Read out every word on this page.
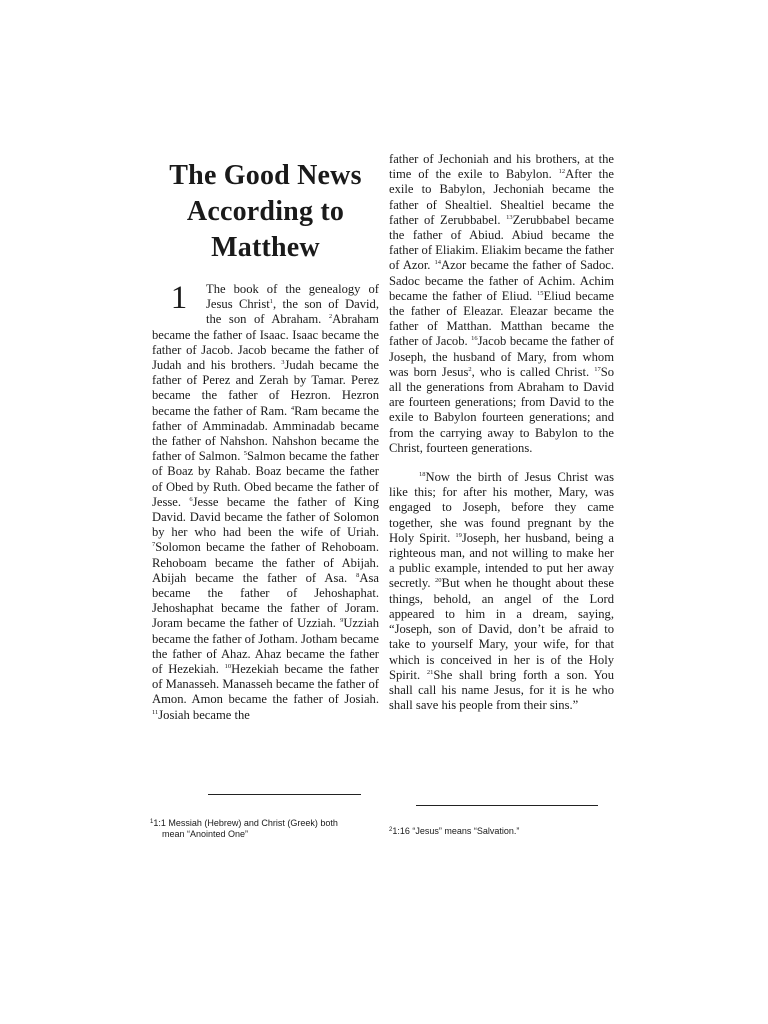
The Good News
According to
Matthew
1	The book of the genealogy of Jesus Christ$^1$, the son of David, the son of Abraham. $^2$Abraham became the father of Isaac. Isaac became the father of Jacob. Jacob became the father of Judah and his brothers. $^3$Judah became the father of Perez and Zerah by Tamar. Perez became the father of Hezron. Hezron became the father of Ram. $^4$Ram became the father of Amminadab. Amminadab became the father of Nahshon. Nahshon became the father of Salmon. $^5$Salmon became the father of Boaz by Rahab. Boaz became the father of Obed by Ruth. Obed became the father of Jesse. $^6$Jesse became the father of King David. David became the father of Solomon by her who had been the wife of Uriah. $^7$Solomon became the father of Rehoboam. Rehoboam became the father of Abijah. Abijah became the father of Asa. $^8$Asa became the father of Jehoshaphat. Jehoshaphat became the father of Joram. Joram became the father of Uzziah. $^9$Uzziah became the father of Jotham. Jotham became the father of Ahaz. Ahaz became the father of Hezekiah. $^{10}$Hezekiah became the father of Manasseh. Manasseh became the father of Amon. Amon became the father of Josiah. $^{11}$Josiah became the

father of Jechoniah and his brothers, at the time of the exile to Babylon. $^{12}$After the exile to Babylon, Jechoniah became the father of Shealtiel. Shealtiel became the father of Zerubbabel. $^{13}$Zerubbabel became the father of Abiud. Abiud became the father of Eliakim. Eliakim became the father of Azor. $^{14}$Azor became the father of Sadoc. Sadoc became the father of Achim. Achim became the father of Eliud. $^{15}$Eliud became the father of Eleazar. Eleazar became the father of Matthan. Matthan became the father of Jacob. $^{16}$Jacob became the father of Joseph, the husband of Mary, from whom was born Jesus$^2$, who is called Christ. $^{17}$So all the generations from Abraham to David are fourteen generations; from David to the exile to Babylon fourteen generations; and from the carrying away to Babylon to the Christ, fourteen generations.

$^{18}$Now the birth of Jesus Christ was like this; for after his mother, Mary, was engaged to Joseph, before they came together, she was found pregnant by the Holy Spirit. $^{19}$Joseph, her husband, being a righteous man, and not willing to make her a public example, intended to put her away secretly. $^{20}$But when he thought about these things, behold, an angel of the Lord appeared to him in a dream, saying, “Joseph, son of David, don’t be afraid to take to yourself Mary, your wife, for that which is conceived in her is of the Holy Spirit. $^{21}$She shall bring forth a son. You shall call his name Jesus, for it is he who shall save his people from their sins.”

$^1$1:1 Messiah (Hebrew) and Christ (Greek) both
mean “Anointed One”	$^2$1:16 “Jesus” means “Salvation.”
